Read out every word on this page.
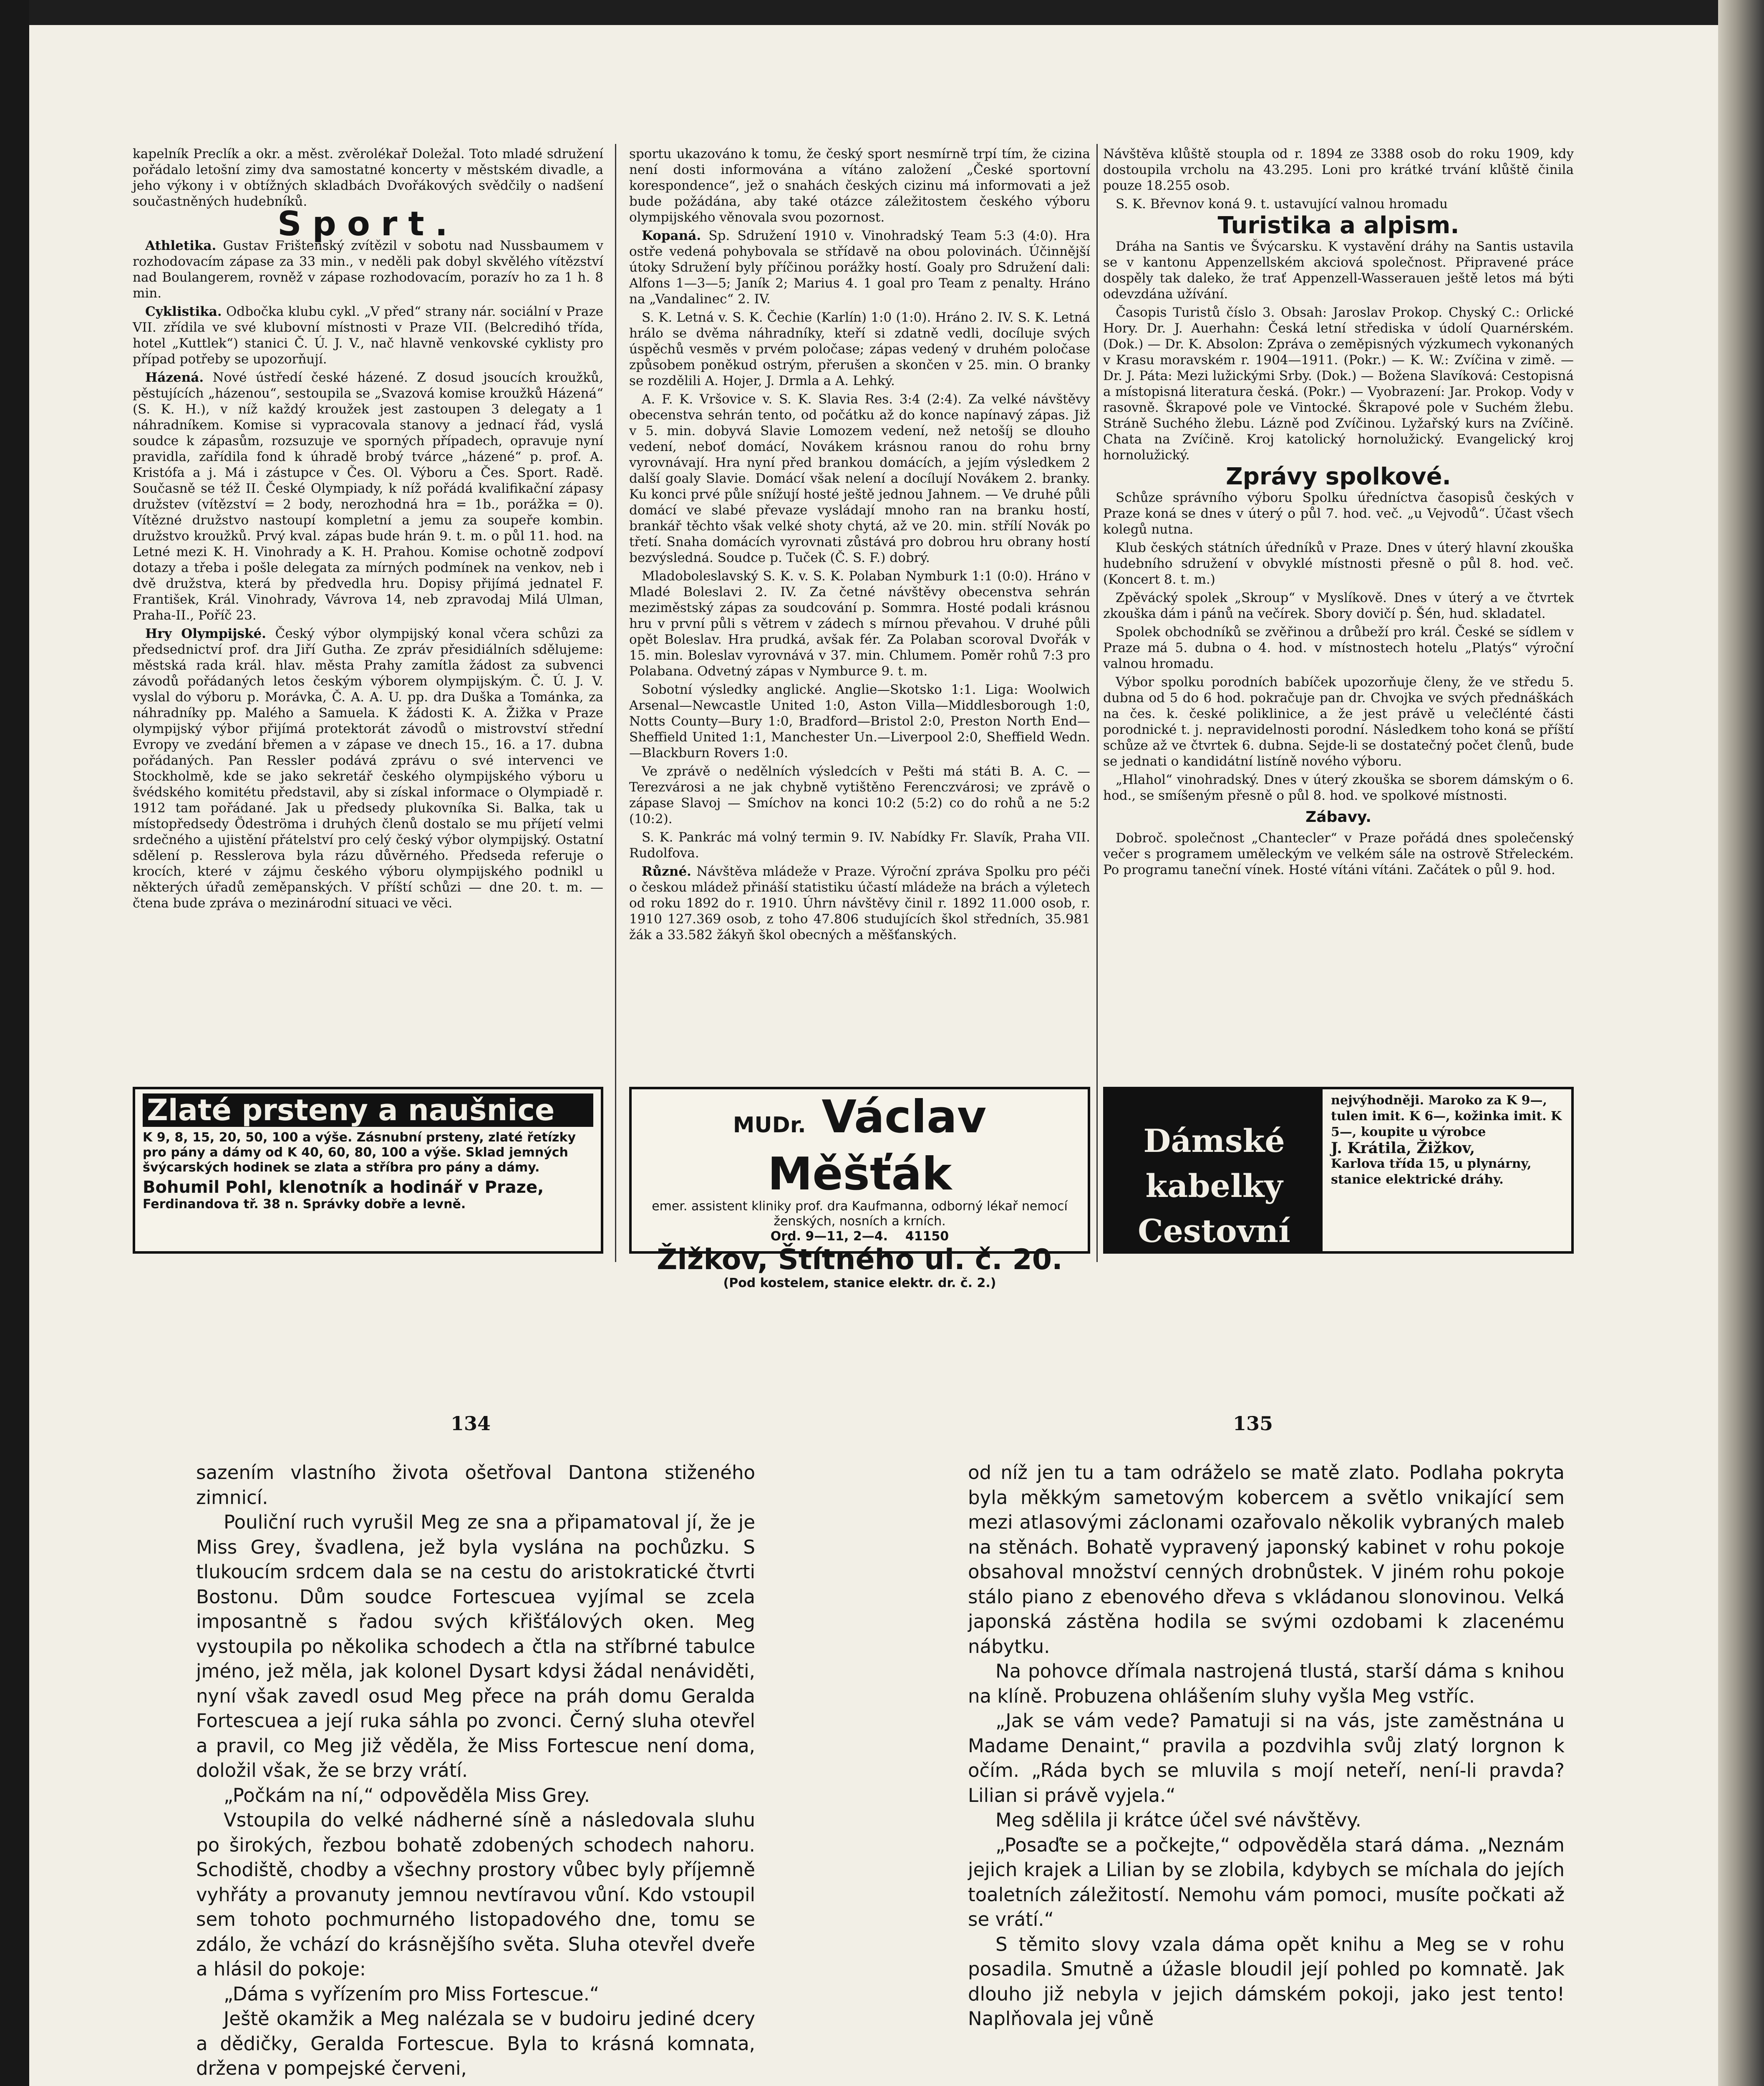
kapelník Preclík a okr. a měst. zvěrolékař Doležal. Toto mladé sdružení pořádalo letošní zimy dva samostatné koncerty v městském divadle, a jeho výkony i v obtížných skladbách Dvořákových svědčily o nadšení součastněných hudebníků.

Sport.

Athletika. Gustav Frištenský zvítězil v sobotu nad Nussbaumem v rozhodovacím zápase za 33 min., v neděli pak dobyl skvělého vítězství nad Boulangerem, rovněž v zápase rozhodovacím, porazív ho za 1 h. 8 min.

Cyklistika. Odbočka klubu cykl. „V před“ strany nár. sociální v Praze VII. zřídila ve své klubovní místnosti v Praze VII. (Belcredihó třída, hotel „Kuttlek“) stanici Č. Ú. J. V., nač hlavně venkovské cyklisty pro případ potřeby se upozorňují.

Házená. Nové ústředí české házené. Z dosud jsoucích kroužků, pěstujících „házenou“, sestoupila se „Svazová komise kroužků Házená“ (S. K. H.), v níž každý kroužek jest zastoupen 3 delegaty a 1 náhradníkem. Komise si vypracovala stanovy a jednací řád, vyslá soudce k zápasům, rozsuzuje ve sporných případech, opravuje nyní pravidla, zařídila fond k úhradě brobý tvárce „házené“ p. prof. A. Kristófa a j. Má i zástupce v Čes. Ol. Výboru a Čes. Sport. Radě. Současně se též II. České Olympiady, k níž pořádá kvalifikační zápasy družstev (vítězství = 2 body, nerozhodná hra = 1b., porážka = 0). Vítězné družstvo nastoupí kompletní a jemu za soupeře kombin. družstvo kroužků. Prvý kval. zápas bude hrán 9. t. m. o půl 11. hod. na Letné mezi K. H. Vinohrady a K. H. Prahou. Komise ochotně zodpoví dotazy a třeba i pošle delegata za mírných podmínek na venkov, neb i dvě družstva, která by předvedla hru. Dopisy přijímá jednatel F. František, Král. Vinohrady, Vávrova 14, neb zpravodaj Milá Ulman, Praha-II., Poříč 23.

Hry Olympijské. Český výbor olympijský konal včera schůzi za předsednictví prof. dra Jiří Gutha. Ze zpráv přesidiálních sdělujeme: městská rada král. hlav. města Prahy zamítla žádost za subvenci závodů pořádaných letos českým výborem olympijským. Č. Ú. J. V. vyslal do výboru p. Morávka, Č. A. A. U. pp. dra Duška a Tománka, za náhradníky pp. Malého a Samuela. K žádosti K. A. Žižka v Praze olympijský výbor přijímá protektorát závodů o mistrovství střední Evropy ve zvedání břemen a v zápase ve dnech 15., 16. a 17. dubna pořádaných. Pan Ressler podává zprávu o své intervenci ve Stockholmě, kde se jako sekretář českého olympijského výboru u švédského komitétu představil, aby si získal informace o Olympiadě r. 1912 tam pořádané. Jak u předsedy plukovníka Si. Balka, tak u místopředsedy Ödeströma i druhých členů dostalo se mu příjetí velmi srdečného a ujistění přátelství pro celý český výbor olympijský. Ostatní sdělení p. Resslerova byla rázu důvěrného. Předseda referuje o krocích, které v zájmu českého výboru olympijského podnikl u některých úřadů zeměpanských. V příští schůzi — dne 20. t. m. — čtena bude zpráva o mezinárodní situaci ve věci.

sportu ukazováno k tomu, že český sport nesmírně trpí tím, že cizina není dosti informována a vítáno založení „České sportovní korespondence“, jež o snahách českých cizinu má informovati a jež bude požádána, aby také otázce záležitostem českého výboru olympijského věnovala svou pozornost.

Kopaná. Sp. Sdružení 1910 v. Vinohradský Team 5:3 (4:0). Hra ostře vedená pohybovala se střídavě na obou polovinách. Účinnější útoky Sdružení byly příčinou porážky hostí. Goaly pro Sdružení dali: Alfons 1—3—5; Janík 2; Marius 4. 1 goal pro Team z penalty. Hráno na „Vandalinec“ 2. IV.

S. K. Letná v. S. K. Čechie (Karlín) 1:0 (1:0). Hráno 2. IV. S. K. Letná hrálo se dvěma náhradníky, kteří si zdatně vedli, docíluje svých úspěchů vesměs v prvém poločase; zápas vedený v druhém poločase způsobem poněkud ostrým, přerušen a skončen v 25. min. O branky se rozdělili A. Hojer, J. Drmla a A. Lehký.

A. F. K. Vršovice v. S. K. Slavia Res. 3:4 (2:4). Za velké návštěvy obecenstva sehrán tento, od počátku až do konce napínavý zápas. Již v 5. min. dobyvá Slavie Lomozem vedení, než netošíj se dlouho vedení, neboť domácí, Novákem krásnou ranou do rohu brny vyrovnávají. Hra nyní před brankou domácích, a jejím výsledkem 2 další goaly Slavie. Domácí však nelení a docílují Novákem 2. branky. Ku konci prvé půle snížují hosté ještě jednou Jahnem. — Ve druhé půli domácí ve slabé převaze vysládají mnoho ran na branku hostí, brankář těchto však velké shoty chytá, až ve 20. min. střílí Novák po třetí. Snaha domácích vyrovnati zůstává pro dobrou hru obrany hostí bezvýsledná. Soudce p. Tuček (Č. S. F.) dobrý.

Mladoboleslavský S. K. v. S. K. Polaban Nymburk 1:1 (0:0). Hráno v Mladé Boleslavi 2. IV. Za četné návštěvy obecenstva sehrán meziměstský zápas za soudcování p. Sommra. Hosté podali krásnou hru v první půli s větrem v zádech s mírnou převahou. V druhé půli opět Boleslav. Hra prudká, avšak fér. Za Polaban scoroval Dvořák v 15. min. Boleslav vyrovnává v 37. min. Chlumem. Poměr rohů 7:3 pro Polabana. Odvetný zápas v Nymburce 9. t. m.

Sobotní výsledky anglické. Anglie—Skotsko 1:1. Liga: Woolwich Arsenal—Newcastle United 1:0, Aston Villa—Middlesborough 1:0, Notts County—Bury 1:0, Bradford—Bristol 2:0, Preston North End—Sheffield United 1:1, Manchester Un.—Liverpool 2:0, Sheffield Wedn.—Blackburn Rovers 1:0.

Ve zprávě o nedělních výsledcích v Pešti má státi B. A. C. — Terezvárosi a ne jak chybně vytištěno Ferenczvárosi; ve zprávě o zápase Slavoj — Smíchov na konci 10:2 (5:2) co do rohů a ne 5:2 (10:2).

S. K. Pankrác má volný termin 9. IV. Nabídky Fr. Slavík, Praha VII. Rudolfova.

Různé. Návštěva mládeže v Praze. Výroční zpráva Spolku pro péči o českou mládež přináší statistiku účastí mládeže na brách a výletech od roku 1892 do r. 1910. Úhrn návštěvy činil r. 1892 11.000 osob, r. 1910 127.369 osob, z toho 47.806 studujících škol středních, 35.981 žák a 33.582 žákyň škol obecných a měšťanských.

Návštěva klůště stoupla od r. 1894 ze 3388 osob do roku 1909, kdy dostoupila vrcholu na 43.295. Loni pro krátké trvání klůště činila pouze 18.255 osob.

S. K. Břevnov koná 9. t. ustavující valnou hromadu

Turistika a alpism.

Dráha na Santis ve Švýcarsku. K vystavění dráhy na Santis ustavila se v kantonu Appenzellském akciová společnost. Připravené práce dospěly tak daleko, že trať Appenzell-Wasserauen ještě letos má býti odevzdána užívání.

Časopis Turistů číslo 3. Obsah: Jaroslav Prokop. Chyský C.: Orlické Hory. Dr. J. Auerhahn: Česká letní střediska v údolí Quarnérském. (Dok.) — Dr. K. Absolon: Zpráva o zeměpisných výzkumech vykonaných v Krasu moravském r. 1904—1911. (Pokr.) — K. W.: Zvíčina v zimě. — Dr. J. Páta: Mezi lužickými Srby. (Dok.) — Božena Slavíková: Cestopisná a místopisná literatura česká. (Pokr.) — Vyobrazení: Jar. Prokop. Vody v rasovně. Škrapové pole ve Vintocké. Škrapové pole v Suchém žlebu. Stráně Suchého žlebu. Lázně pod Zvíčinou. Lyžařský kurs na Zvíčině. Chata na Zvíčině. Kroj katolický hornolužický. Evangelický kroj hornolužický.

Zprávy spolkové.

Schůze správního výboru Spolku úředníctva časopisů českých v Praze koná se dnes v úterý o půl 7. hod. več. „u Vejvodů“. Účast všech kolegů nutna.

Klub českých státních úředníků v Praze. Dnes v úterý hlavní zkouška hudebního sdružení v obvyklé místnosti přesně o půl 8. hod. več. (Koncert 8. t. m.)

Zpěvácký spolek „Skroup“ v Myslíkově. Dnes v úterý a ve čtvrtek zkouška dám i pánů na večírek. Sbory dovičí p. Šén, hud. skladatel.

Spolek obchodníků se zvěřinou a drůbeží pro král. České se sídlem v Praze má 5. dubna o 4. hod. v místnostech hotelu „Platýs“ výroční valnou hromadu.

Výbor spolku porodních babíček upozorňuje členy, že ve středu 5. dubna od 5 do 6 hod. pokračuje pan dr. Chvojka ve svých přednáškách na čes. k. české poliklinice, a že jest právě u velečlénté části porodnické t. j. nepravidelnosti porodní. Následkem toho koná se příští schůze až ve čtvrtek 6. dubna. Sejde-li se dostatečný počet členů, bude se jednati o kandidátní listíně nového výboru.

„Hlahol“ vinohradský. Dnes v úterý zkouška se sborem dámským o 6. hod., se smíšeným přesně o půl 8. hod. ve spolkové místnosti.

Zábavy.

Dobroč. společnost „Chantecler“ v Praze pořádá dnes společenský večer s programem uměleckým ve velkém sále na ostrově Střeleckém. Po programu taneční vínek. Hosté vítáni vítáni. Začátek o půl 9. hod.

Zlaté prsteny a naušnice
K 9, 8, 15, 20, 50, 100 a výše. Zásnubní prsteny, zlaté řetízky pro pány a dámy od K 40, 60, 80, 100 a výše. Sklad jemných švýcarských hodinek se zlata a stříbra pro pány a dámy.
Bohumil Pohl, klenotník a hodinář v Praze,
Ferdinandova tř. 38 n. Správky dobře a levně.
MUDr. Václav Měšťák
emer. assistent kliniky prof. dra Kaufmanna, odborný lékař nemocí ženských, nosních a krních.
Ord. 9—11, 2—4. 41150
Žižkov, Štítného ul. č. 20.
(Pod kostelem, stanice elektr. dr. č. 2.)
Dámské kabelky
Cestovní brašny
nejvýhodněji. Maroko za K 9—, tulen imit. K 6—, kožinka imit. K 5—, koupite u výrobce
J. Krátila, Žižkov,
Karlova třída 15, u plynárny, stanice elektrické dráhy.
134	135

sazením vlastního života ošetřoval Dantona stiženého zimnicí.

Pouliční ruch vyrušil Meg ze sna a připamatoval jí, že je Miss Grey, švadlena, jež byla vyslána na pochůzku. S tlukoucím srdcem dala se na cestu do aristokratické čtvrti Bostonu. Dům soudce Fortescuea vyjímal se zcela imposantně s řadou svých křišťálových oken. Meg vystoupila po několika schodech a čtla na stříbrné tabulce jméno, jež měla, jak kolonel Dysart kdysi žádal nenáviděti, nyní však zavedl osud Meg přece na práh domu Geralda Fortescuea a její ruka sáhla po zvonci. Černý sluha otevřel a pravil, co Meg již věděla, že Miss Fortescue není doma, doložil však, že se brzy vrátí.

„Počkám na ní,“ odpověděla Miss Grey.

Vstoupila do velké nádherné síně a následovala sluhu po širokých, řezbou bohatě zdobených schodech nahoru. Schodiště, chodby a všechny prostory vůbec byly příjemně vyhřáty a provanuty jemnou nevtíravou vůní. Kdo vstoupil sem tohoto pochmurného listopadového dne, tomu se zdálo, že vchází do krásnějšího světa. Sluha otevřel dveře a hlásil do pokoje:

„Dáma s vyřízením pro Miss Fortescue.“

Ještě okamžik a Meg nalézala se v budoiru jediné dcery a dědičky, Geralda Fortescue. Byla to krásná komnata, držena v pompejské červeni,

od níž jen tu a tam odráželo se matě zlato. Podlaha pokryta byla měkkým sametovým kobercem a světlo vnikající sem mezi atlasovými záclonami ozařovalo několik vybraných maleb na stěnách. Bohatě vypravený japonský kabinet v rohu pokoje obsahoval množství cenných drobnůstek. V jiném rohu pokoje stálo piano z ebenového dřeva s vkládanou slonovinou. Velká japonská zástěna hodila se svými ozdobami k zlacenému nábytku.

Na pohovce dřímala nastrojená tlustá, starší dáma s knihou na klíně. Probuzena ohlášením sluhy vyšla Meg vstříc.

„Jak se vám vede? Pamatuji si na vás, jste zaměstnána u Madame Denaint,“ pravila a pozdvihla svůj zlatý lorgnon k očím. „Ráda bych se mluvila s mojí neteří, není-li pravda? Lilian si právě vyjela.“

Meg sdělila ji krátce účel své návštěvy.

„Posaďte se a počkejte,“ odpověděla stará dáma. „Neznám jejich krajek a Lilian by se zlobila, kdybych se míchala do jejích toaletních záležitostí. Nemohu vám pomoci, musíte počkati až se vrátí.“

S těmito slovy vzala dáma opět knihu a Meg se v rohu posadila. Smutně a úžasle bloudil její pohled po komnatě. Jak dlouho již nebyla v jejich dámském pokoji, jako jest tento! Naplňovala jej vůně
